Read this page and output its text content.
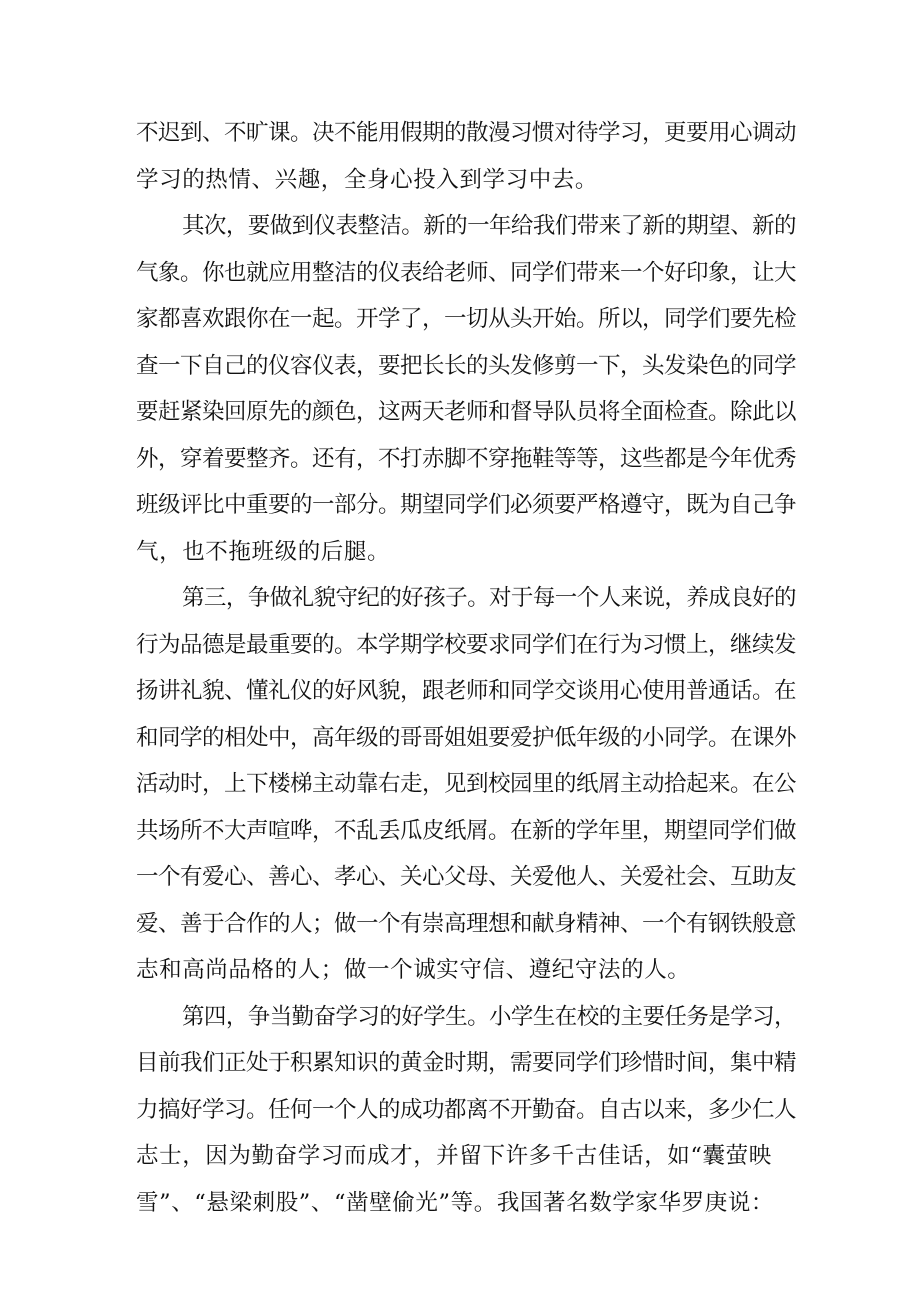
不迟到、不旷课。决不能用假期的散漫习惯对待学习，更要用心调动
学习的热情、兴趣，全身心投入到学习中去。
其次，要做到仪表整洁。新的一年给我们带来了新的期望、新的
气象。你也就应用整洁的仪表给老师、同学们带来一个好印象，让大
家都喜欢跟你在一起。开学了，一切从头开始。所以，同学们要先检
查一下自己的仪容仪表，要把长长的头发修剪一下，头发染色的同学
要赶紧染回原先的颜色，这两天老师和督导队员将全面检查。除此以
外，穿着要整齐。还有，不打赤脚不穿拖鞋等等，这些都是今年优秀
班级评比中重要的一部分。期望同学们必须要严格遵守，既为自己争
气，也不拖班级的后腿。
第三，争做礼貌守纪的好孩子。对于每一个人来说，养成良好的
行为品德是最重要的。本学期学校要求同学们在行为习惯上，继续发
扬讲礼貌、懂礼仪的好风貌，跟老师和同学交谈用心使用普通话。在
和同学的相处中，高年级的哥哥姐姐要爱护低年级的小同学。在课外
活动时，上下楼梯主动靠右走，见到校园里的纸屑主动拾起来。在公
共场所不大声喧哗，不乱丢瓜皮纸屑。在新的学年里，期望同学们做
一个有爱心、善心、孝心、关心父母、关爱他人、关爱社会、互助友
爱、善于合作的人；做一个有崇高理想和献身精神、一个有钢铁般意
志和高尚品格的人；做一个诚实守信、遵纪守法的人。
第四，争当勤奋学习的好学生。小学生在校的主要任务是学习，
目前我们正处于积累知识的黄金时期，需要同学们珍惜时间，集中精
力搞好学习。任何一个人的成功都离不开勤奋。自古以来，多少仁人
志士，因为勤奋学习而成才，并留下许多千古佳话，如“囊萤映
雪”、“悬梁刺股”、“凿壁偷光”等。我国著名数学家华罗庚说：
